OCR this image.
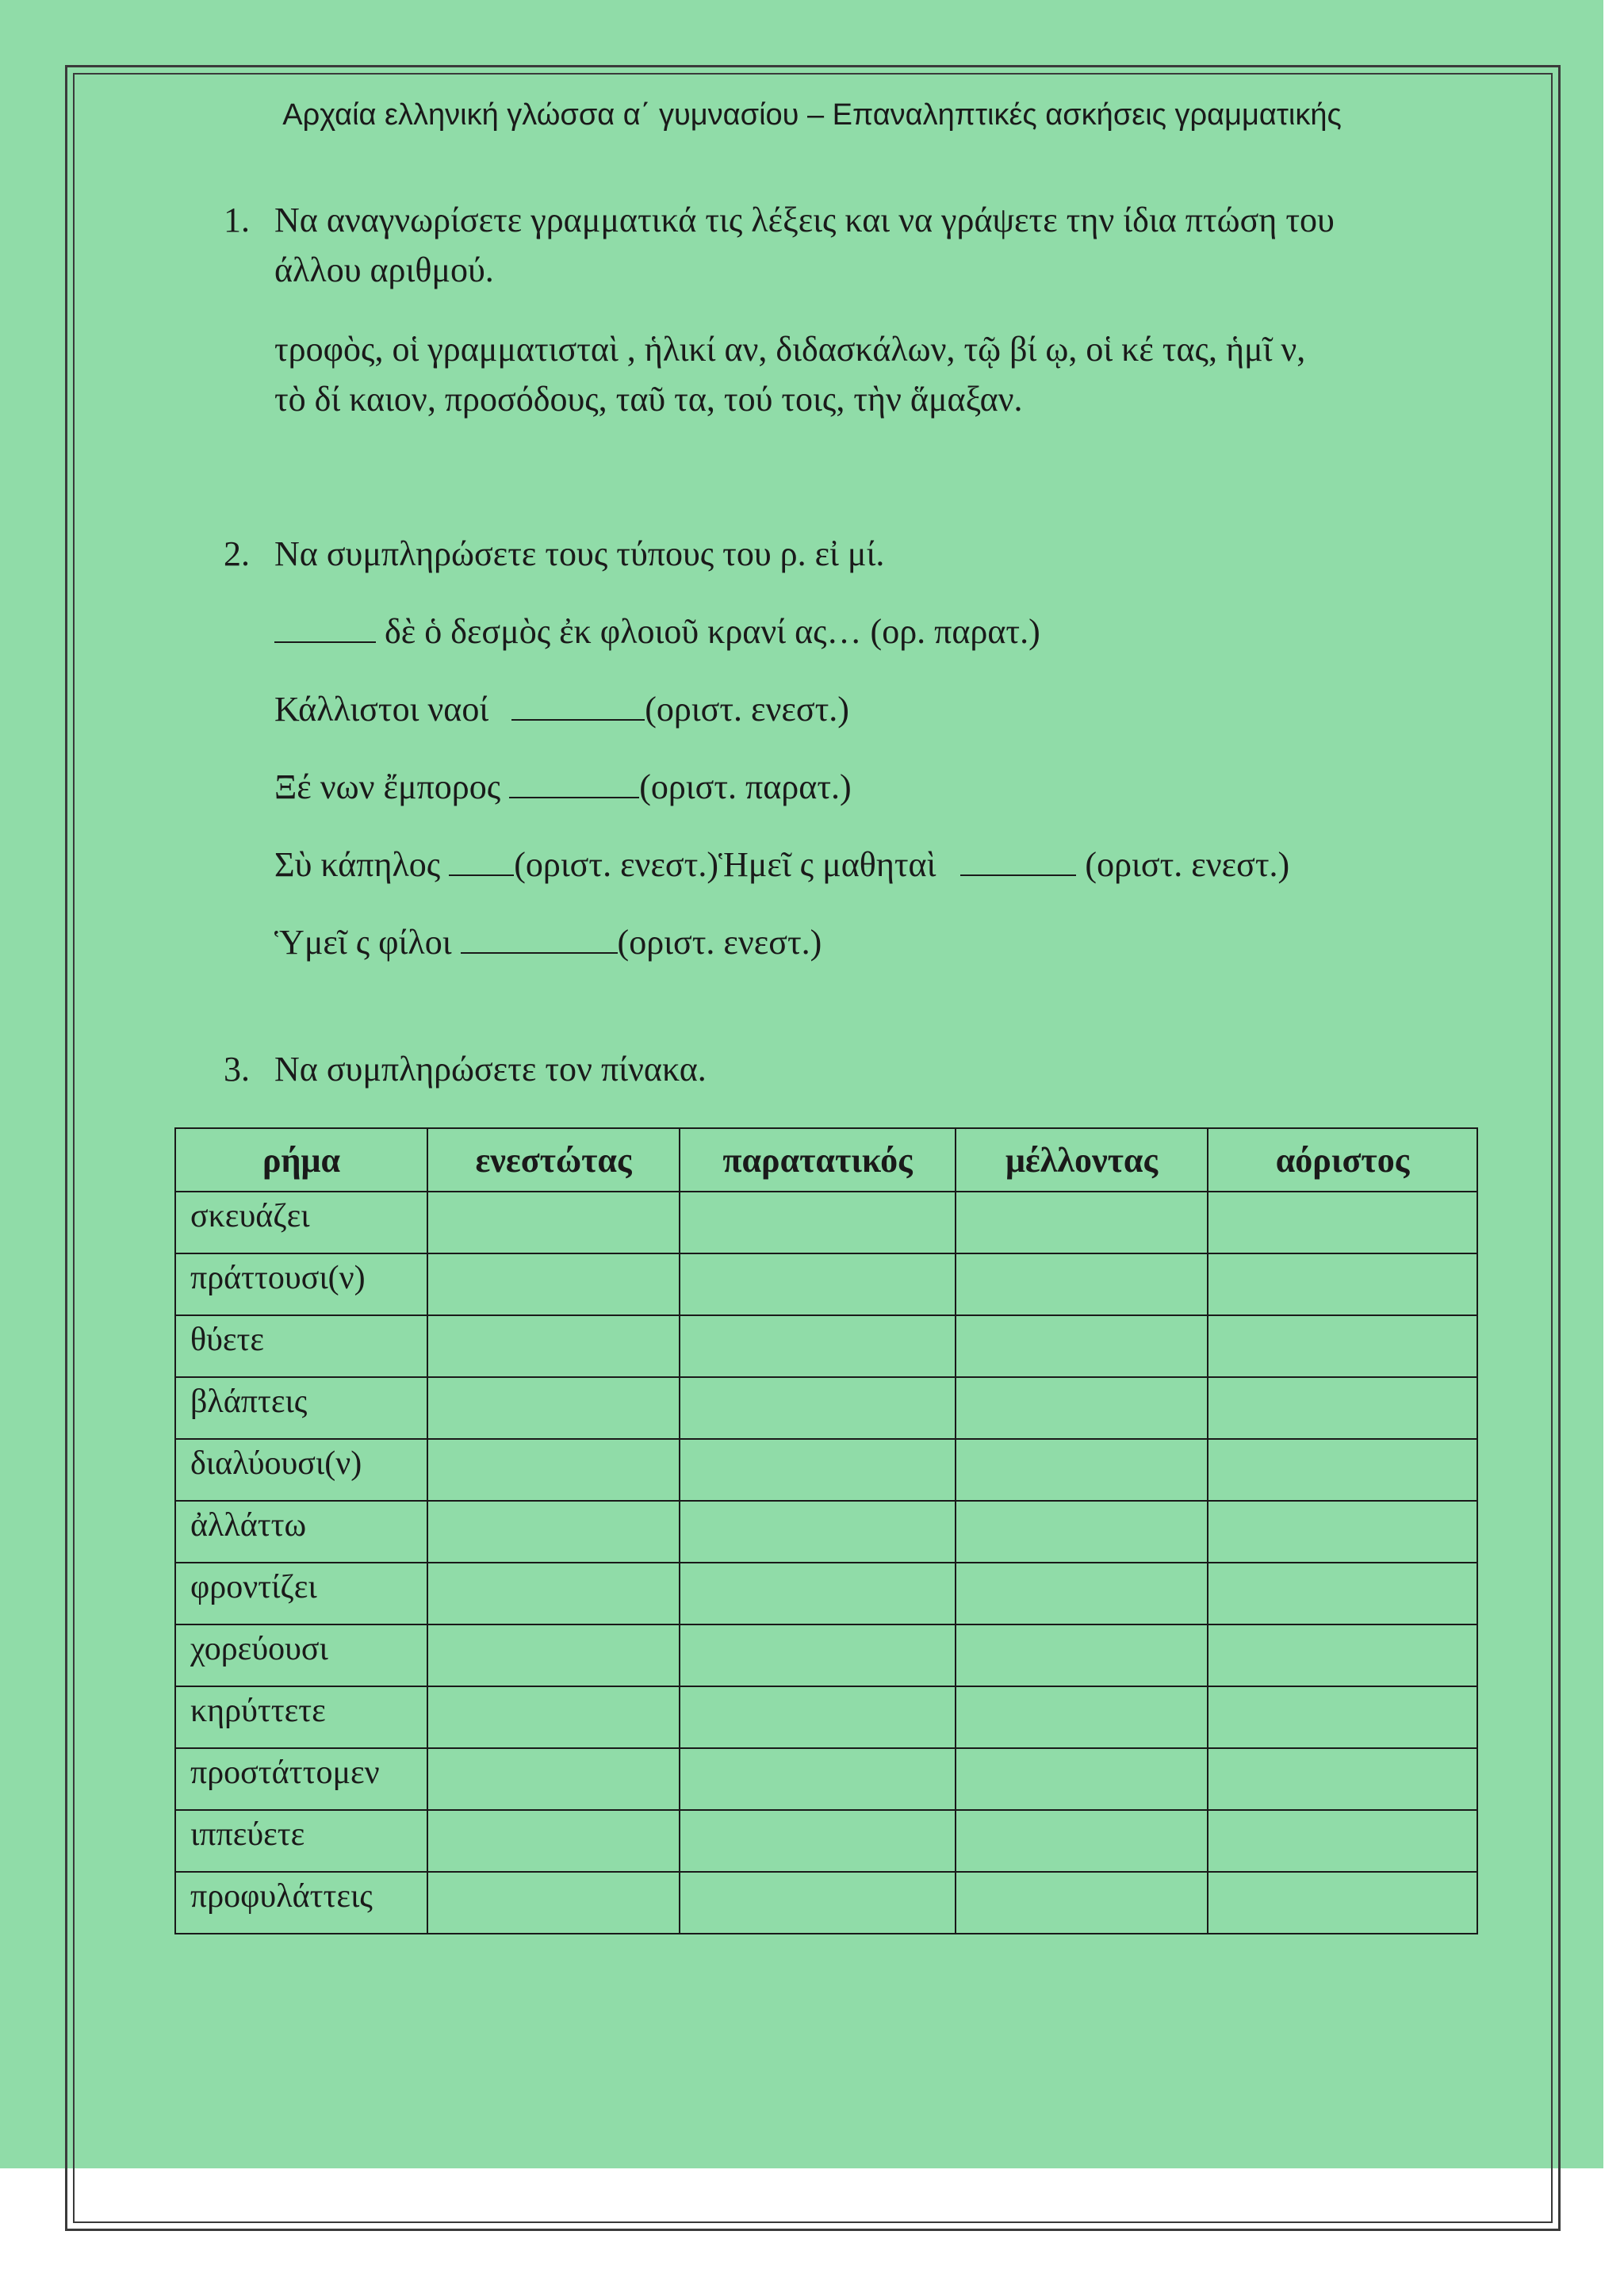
Αρχαία ελληνική γλώσσα α΄ γυμνασίου – Επαναληπτικές ασκήσεις γραμματικής
1. Να αναγνωρίσετε γραμματικά τις λέξεις και να γράψετε την ίδια πτώση του
άλλου αριθμού.
τροφὸς, οἱ γραμματισταὶ , ἡλικί αν, διδασκάλων, τῷ βί ῳ, οἱ κέ τας, ἡμῖ ν,
τὸ δί καιον, προσόδους, ταῦ τα, τού τοις, τὴν ἅμαξαν.
2. Να συμπληρώσετε τους τύπους του ρ. εἰ μί.
δὲ ὁ δεσμὸς ἐκ φλοιοῦ κρανί ας… (ορ. παρατ.)
Κάλλιστοι ναοί	(οριστ. ενεστ.)
Ξέ νων ἔμπορος	(οριστ. παρατ.)
Σὺ κάπηλος (οριστ. ενεστ.)Ἡμεῖ ς μαθηταὶ	(οριστ. ενεστ.)
Ὑμεῖ ς φίλοι	(οριστ. ενεστ.)
3. Να συμπληρώσετε τον πίνακα.
ρήμα	ενεστώτας	παρατατικός	μέλλοντας	αόριστος
σκευάζει				
πράττουσι(ν)				
θύετε				
βλάπτεις				
διαλύουσι(ν)				
ἀλλάττω				
φροντίζει				
χορεύουσι				
κηρύττετε				
προστάττομεν				
ιππεύετε				
προφυλάττεις				
